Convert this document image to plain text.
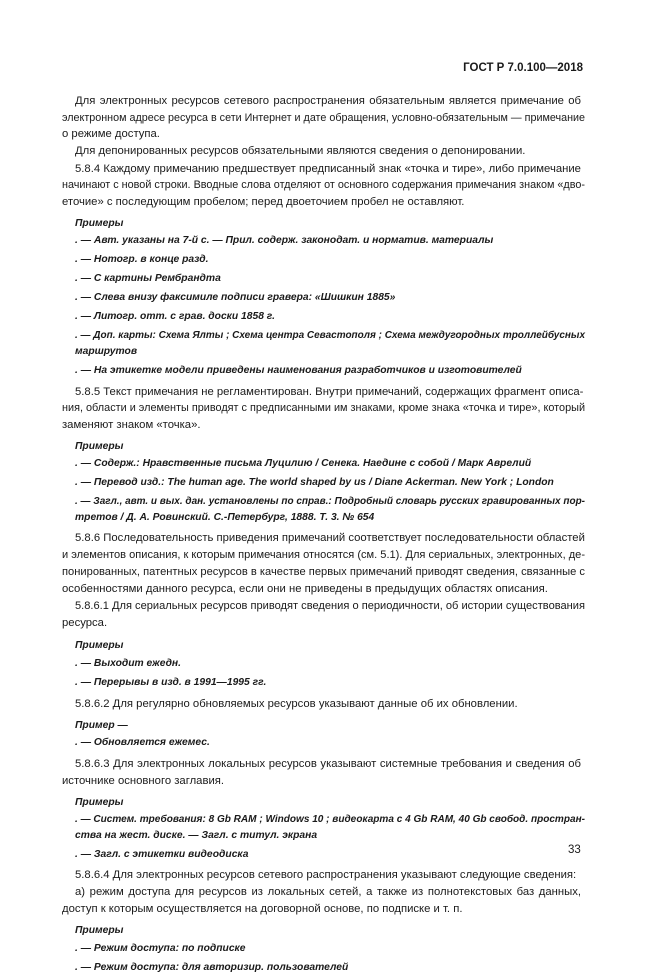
ГОСТ Р 7.0.100—2018
Для электронных ресурсов сетевого распространения обязательным является примечание об
электронном адресе ресурса в сети Интернет и дате обращения, условно-обязательным — примечание
о режиме доступа.
Для депонированных ресурсов обязательными являются сведения о депонировании.
5.8.4 Каждому примечанию предшествует предписанный знак «точка и тире», либо примечание
начинают с новой строки. Вводные слова отделяют от основного содержания примечания знаком «дво-
еточие» с последующим пробелом; перед двоеточием пробел не оставляют.
Примеры
. — Авт. указаны на 7-й с. — Прил. содерж. законодат. и норматив. материалы
. — Нотогр. в конце разд.
. — С картины Рембрандта
. — Слева внизу факсимиле подписи гравера: «Шишкин 1885»
. — Литогр. отт. с грав. доски 1858 г.
. — Доп. карты: Схема Ялты ; Схема центра Севастополя ; Схема междугородных троллейбусных
маршрутов
. — На этикетке модели приведены наименования разработчиков и изготовителей
5.8.5 Текст примечания не регламентирован. Внутри примечаний, содержащих фрагмент описа-
ния, области и элементы приводят с предписанными им знаками, кроме знака «точка и тире», который
заменяют знаком «точка».
Примеры
. — Содерж.: Нравственные письма Луцилию / Сенека. Наедине с собой / Марк Аврелий
. — Перевод изд.: The human age. The world shaped by us / Diane Ackerman. New York ; London
. — Загл., авт. и вых. дан. установлены по справ.: Подробный словарь русских гравированных пор-
третов / Д. А. Ровинский. С.-Петербург, 1888. Т. 3. № 654
5.8.6 Последовательность приведения примечаний соответствует последовательности областей
и элементов описания, к которым примечания относятся (см. 5.1). Для сериальных, электронных, де-
понированных, патентных ресурсов в качестве первых примечаний приводят сведения, связанные с
особенностями данного ресурса, если они не приведены в предыдущих областях описания.
5.8.6.1 Для сериальных ресурсов приводят сведения о периодичности, об истории существования
ресурса.
Примеры
. — Выходит ежедн.
. — Перерывы в изд. в 1991—1995 гг.
5.8.6.2 Для регулярно обновляемых ресурсов указывают данные об их обновлении.
Пример —
. — Обновляется ежемес.
5.8.6.3 Для электронных локальных ресурсов указывают системные требования и сведения об
источнике основного заглавия.
Примеры
. — Систем. требования: 8 Gb RAM ; Windows 10 ; видеокарта с 4 Gb RAM, 40 Gb свобод. простран-
ства на жест. диске. — Загл. с титул. экрана
. — Загл. с этикетки видеодиска
5.8.6.4 Для электронных ресурсов сетевого распространения указывают следующие сведения:
а) режим доступа для ресурсов из локальных сетей, а также из полнотекстовых баз данных,
доступ к которым осуществляется на договорной основе, по подписке и т. п.
Примеры
. — Режим доступа: по подписке
. — Режим доступа: для авторизир. пользователей
33
